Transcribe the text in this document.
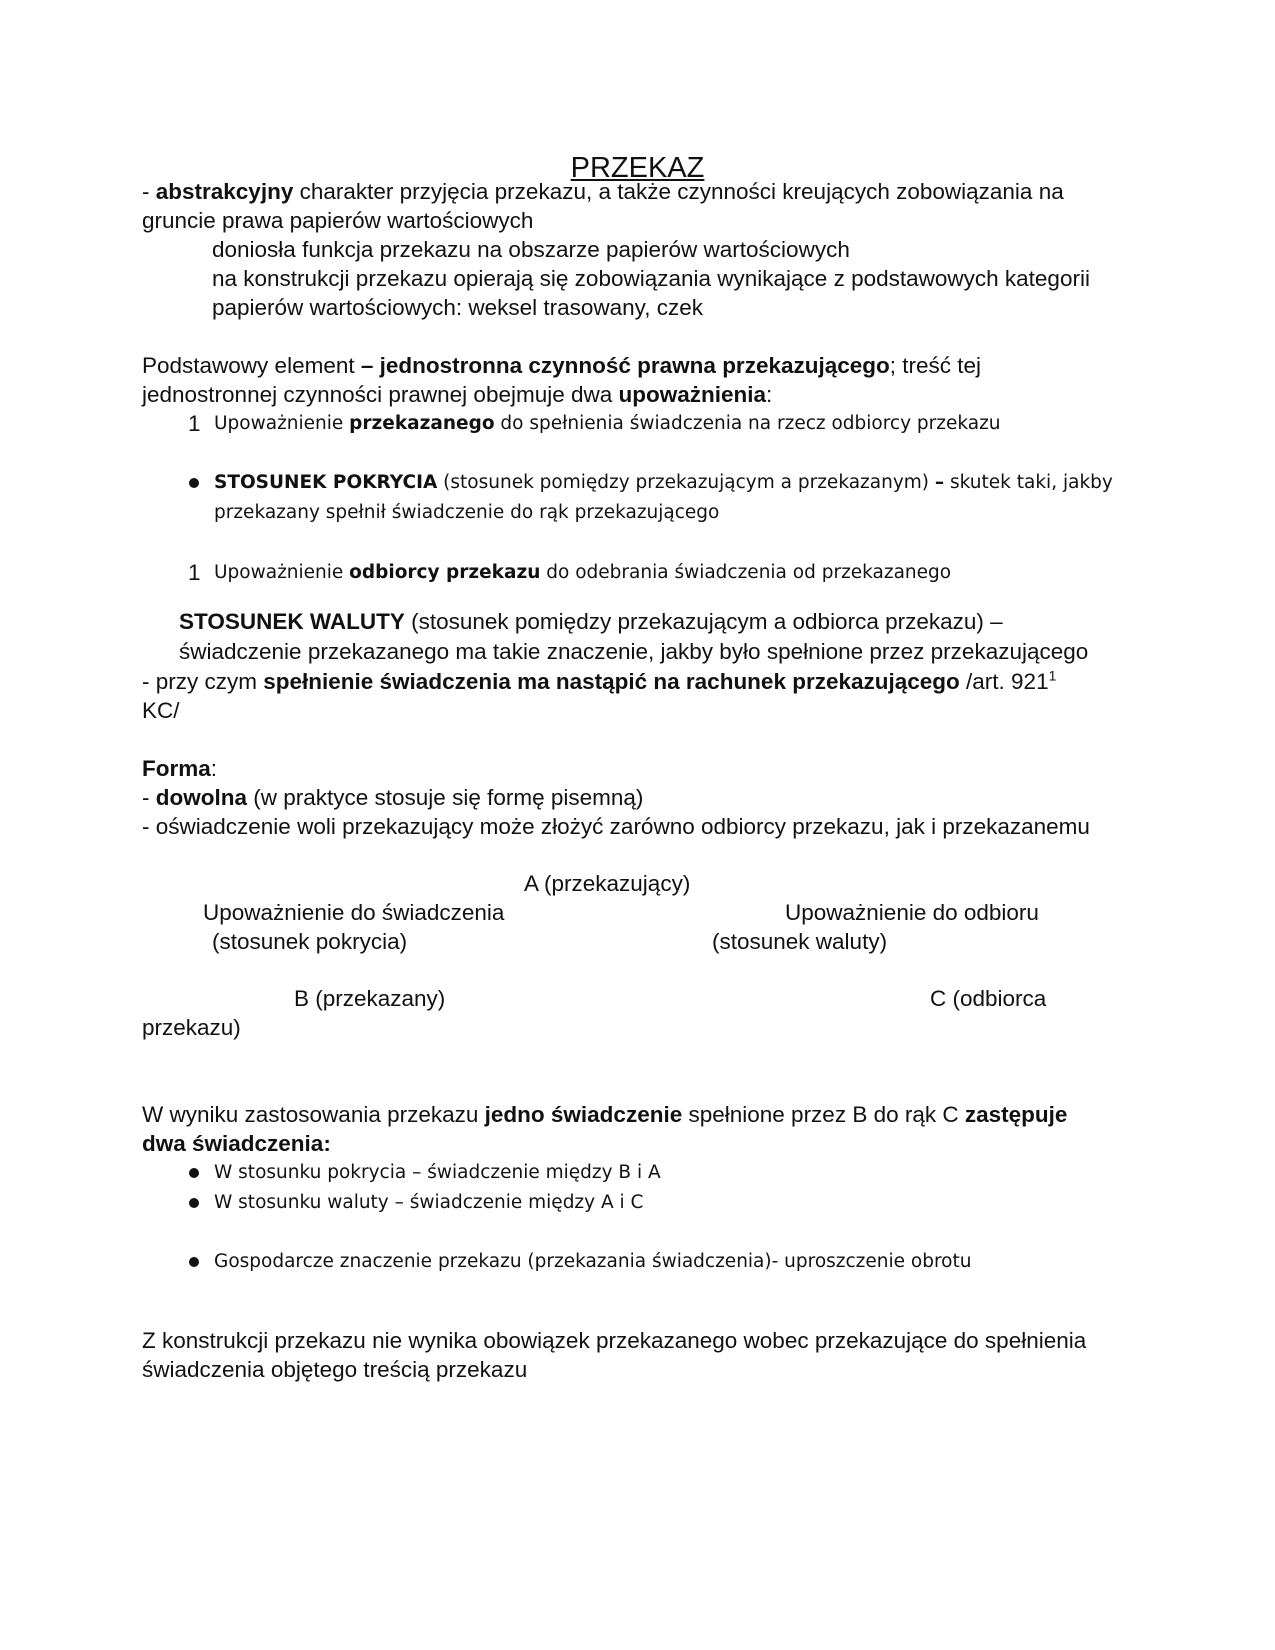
PRZEKAZ
- abstrakcyjny charakter przyjęcia przekazu, a także czynności kreujących zobowiązania na
gruncie prawa papierów wartościowych
doniosła funkcja przekazu na obszarze papierów wartościowych
na konstrukcji przekazu opierają się zobowiązania wynikające z podstawowych kategorii
papierów wartościowych: weksel trasowany, czek
Podstawowy element – jednostronna czynność prawna przekazującego; treść tej
jednostronnej czynności prawnej obejmuje dwa upoważnienia:
1 Upoważnienie przekazanego do spełnienia świadczenia na rzecz odbiorcy przekazu
STOSUNEK POKRYCIA (stosunek pomiędzy przekazującym a przekazanym) – skutek taki, jakby
przekazany spełnił świadczenie do rąk przekazującego
1 Upoważnienie odbiorcy przekazu do odebrania świadczenia od przekazanego
STOSUNEK WALUTY (stosunek pomiędzy przekazującym a odbiorca przekazu) –
świadczenie przekazanego ma takie znaczenie, jakby było spełnione przez przekazującego
- przy czym spełnienie świadczenia ma nastąpić na rachunek przekazującego /art. $921^1$
KC/
Forma:
- dowolna (w praktyce stosuje się formę pisemną)
- oświadczenie woli przekazujący może złożyć zarówno odbiorcy przekazu, jak i przekazanemu
A (przekazujący)
Upoważnienie do świadczenia	Upoważnienie do odbioru
(stosunek pokrycia)	(stosunek waluty)
B (przekazany)	C (odbiorca
przekazu)
W wyniku zastosowania przekazu jedno świadczenie spełnione przez B do rąk C zastępuje
dwa świadczenia:
W stosunku pokrycia – świadczenie między B i A
W stosunku waluty – świadczenie między A i C
Gospodarcze znaczenie przekazu (przekazania świadczenia)- uproszczenie obrotu
Z konstrukcji przekazu nie wynika obowiązek przekazanego wobec przekazujące do spełnienia
świadczenia objętego treścią przekazu
